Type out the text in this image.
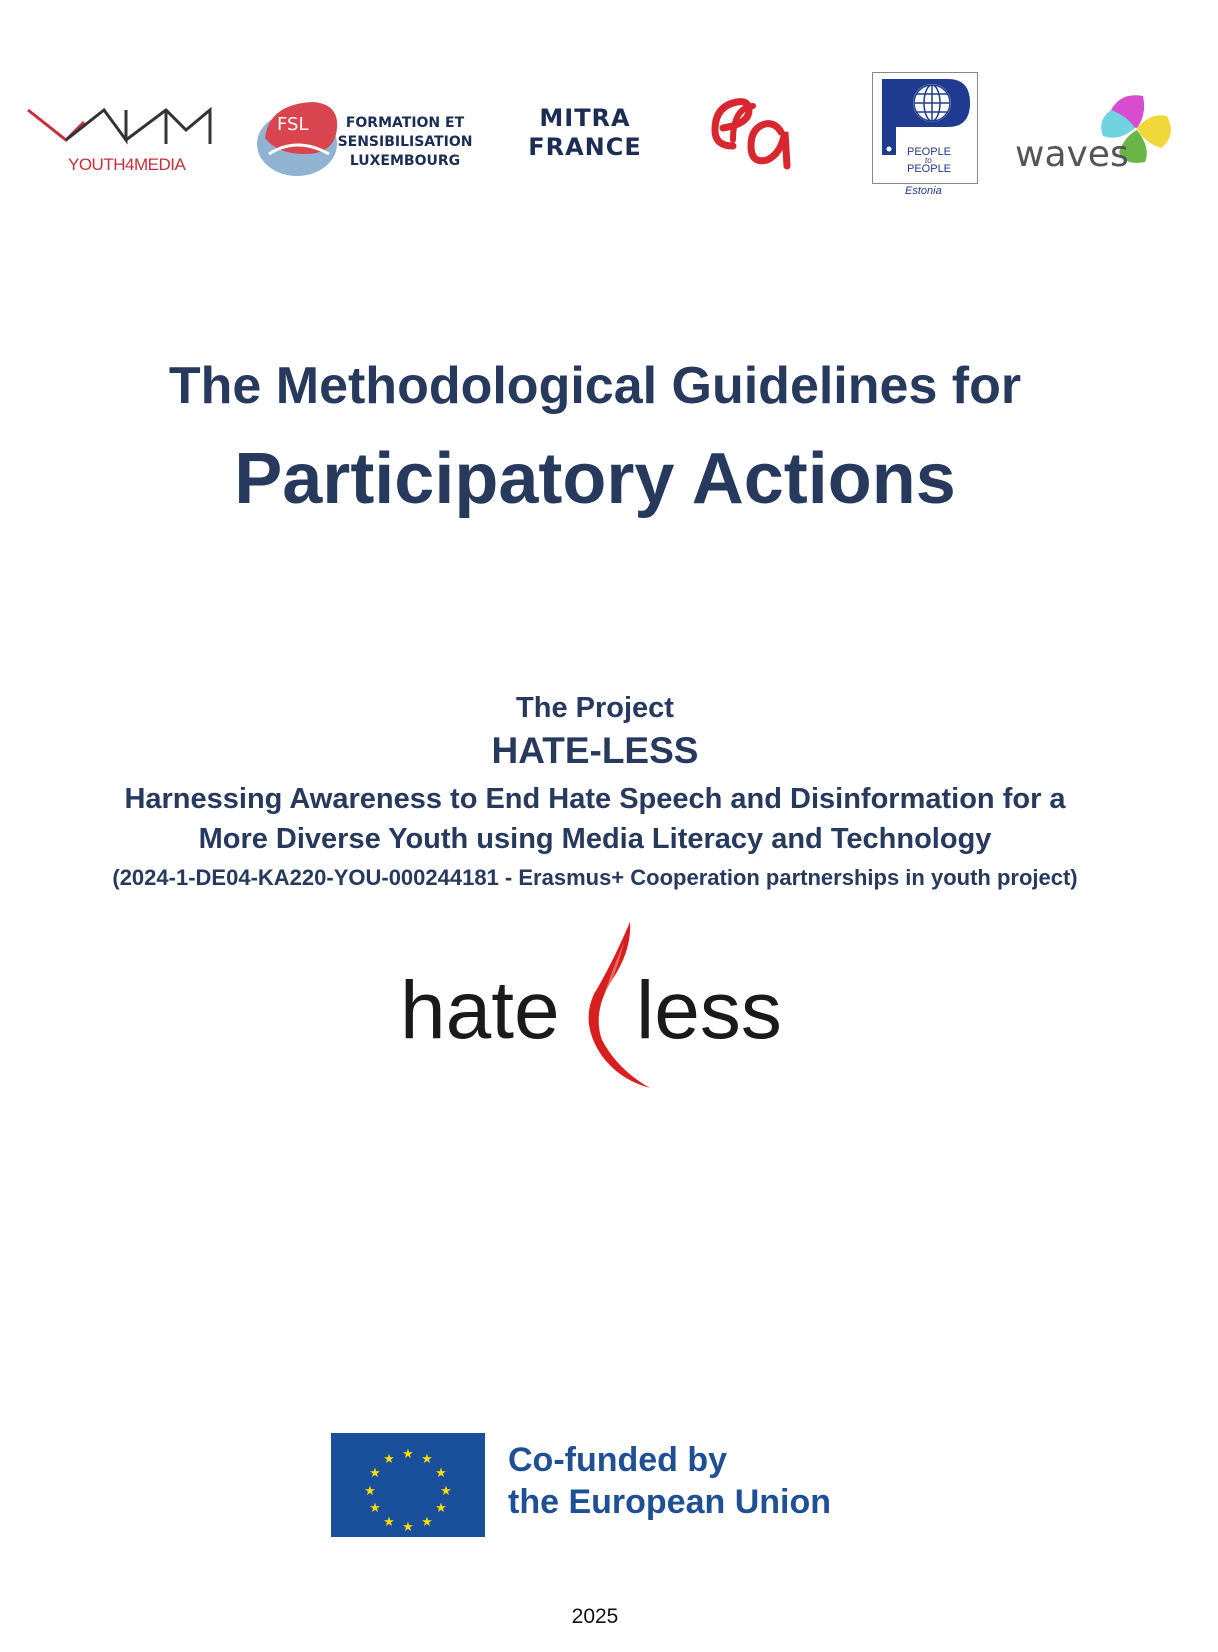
YOUTH4MEDIA
FSL	FORMATION ET
SENSIBILISATION
LUXEMBOURG
MITRA
FRANCE	PEOPLE
to
PEOPLE
Estonia
waves
The Methodological Guidelines for
Participatory Actions
The Project
HATE-LESS
Harnessing Awareness to End Hate Speech and Disinformation for a
More Diverse Youth using Media Literacy and Technology
(2024-1-DE04-KA220-YOU-000244181 - Erasmus+ Cooperation partnerships in youth project)
hate less
★ ★
★
★
★
★
★
★
★
★
★
★	Co-funded by
the European Union
2025
